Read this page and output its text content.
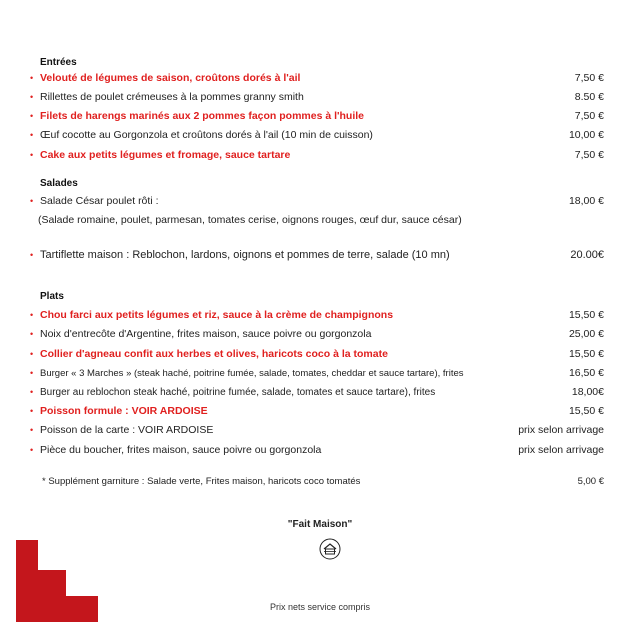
Entrées
• Velouté de légumes de saison, croûtons dorés à l'ail	7,50 €
• Rillettes de poulet crémeuses à la pommes granny smith	8.50 €
• Filets de harengs marinés aux 2 pommes façon pommes à l'huile	7,50 €
• Œuf cocotte au Gorgonzola et croûtons dorés à l'ail (10 min de cuisson)	10,00 €
• Cake aux petits légumes et fromage, sauce tartare	7,50 €
Salades
• Salade César poulet rôti :	18,00 €
(Salade romaine, poulet, parmesan, tomates cerise, oignons rouges, œuf dur, sauce césar)
• Tartiflette maison : Reblochon, lardons, oignons et pommes de terre, salade (10 mn)	20.00€
Plats
• Chou farci aux petits légumes et riz, sauce à la crème de champignons	15,50 €
• Noix d'entrecôte d'Argentine, frites maison, sauce poivre ou gorgonzola	25,00 €
• Collier d'agneau confit aux herbes et olives, haricots coco à la tomate	15,50 €
• Burger « 3 Marches » (steak haché, poitrine fumée, salade, tomates, cheddar et sauce tartare), frites	16,50 €
• Burger au reblochon steak haché, poitrine fumée, salade, tomates et sauce tartare), frites	18,00€
• Poisson formule : VOIR ARDOISE	15,50 €
• Poisson de la carte : VOIR ARDOISE	prix selon arrivage
• Pièce du boucher, frites maison, sauce poivre ou gorgonzola	prix selon arrivage
* Supplément garniture : Salade verte, Frites maison, haricots coco tomatés	5,00 €
"Fait Maison"
Prix nets service compris
